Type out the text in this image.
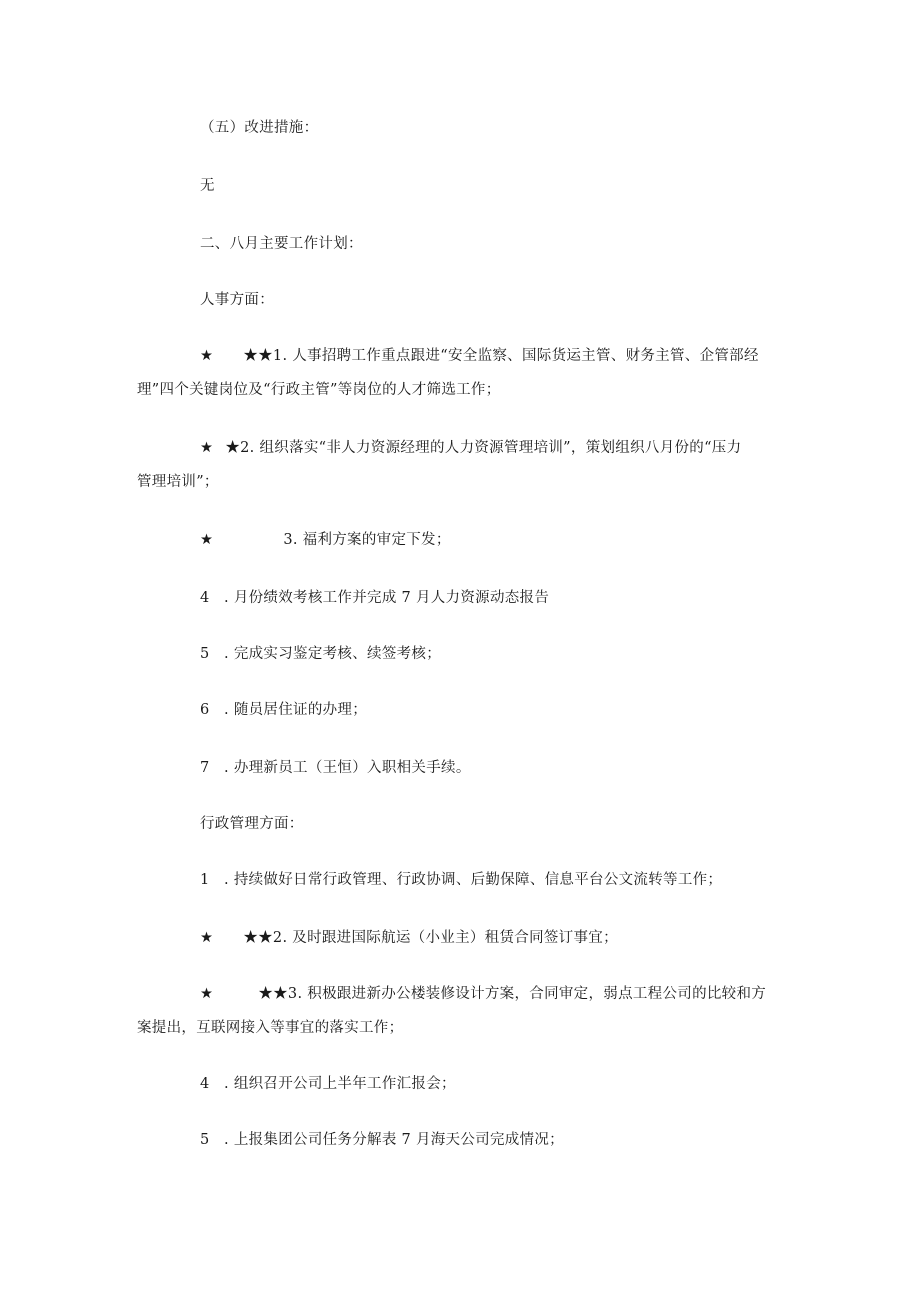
（五）改进措施：
无
二、八月主要工作计划：
人事方面：
★ ★★1. 人事招聘工作重点跟进“安全监察、国际货运主管、财务主管、企管部经
理”四个关键岗位及“行政主管”等岗位的人才筛选工作；
★ ★2. 组织落实“非人力资源经理的人力资源管理培训”，策划组织八月份的“压力
管理培训”；
★	3. 福利方案的审定下发；
4 . 月份绩效考核工作并完成 7 月人力资源动态报告
5 . 完成实习鉴定考核、续签考核；
6 . 随员居住证的办理；
7 . 办理新员工（王恒）入职相关手续。
行政管理方面：
1 . 持续做好日常行政管理、行政协调、后勤保障、信息平台公文流转等工作；
★ ★★2. 及时跟进国际航运（小业主）租赁合同签订事宜；
★	★★3. 积极跟进新办公楼装修设计方案，合同审定，弱点工程公司的比较和方
案提出，互联网接入等事宜的落实工作；
4 . 组织召开公司上半年工作汇报会；
5 . 上报集团公司任务分解表 7 月海天公司完成情况；
